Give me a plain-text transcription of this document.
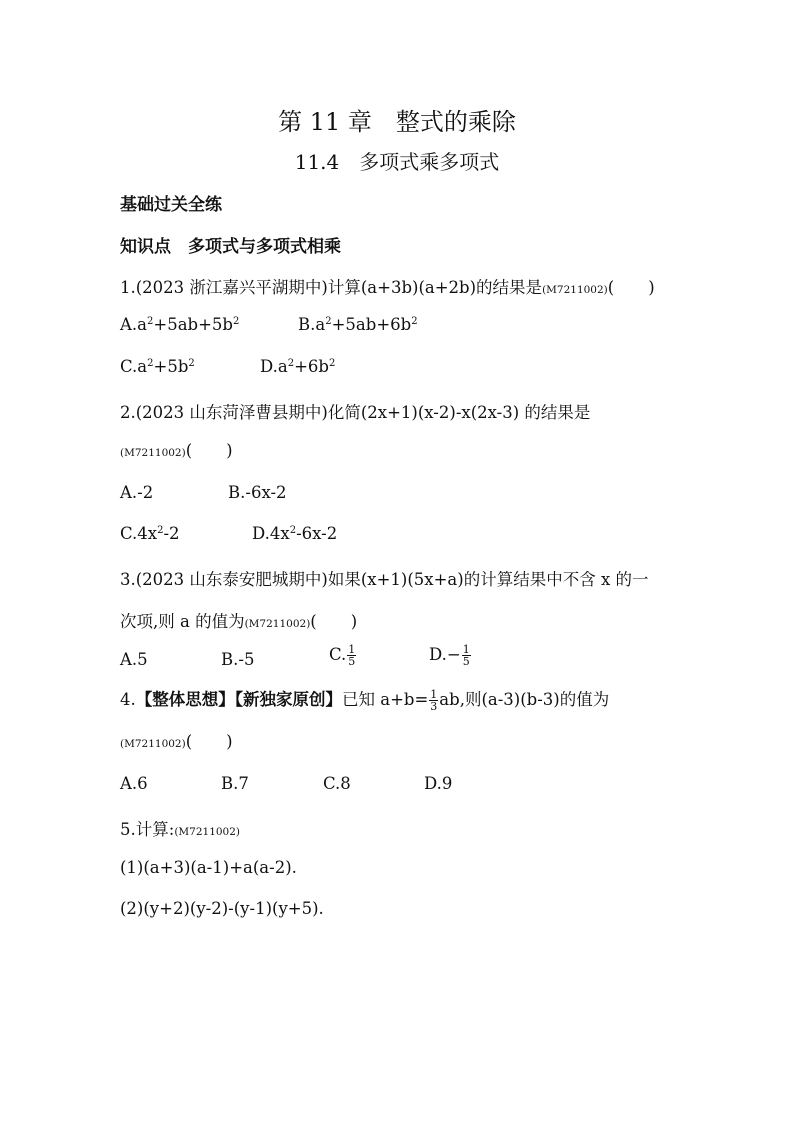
第 11 章　整式的乘除
11.4　多项式乘多项式
基础过关全练
知识点　多项式与多项式相乘
1.(2023 浙江嘉兴平湖期中)计算(a+3b)(a+2b)的结果是(M7211002)( )
$A.a^2+5ab+5b^2$	$B.a^2+5ab+6b^2$
$C.a^2+5b^2$	$D.a^2+6b^2$
2.(2023 山东菏泽曹县期中)化简(2x+1)(x-2)-x(2x-3) 的结果是
(M7211002)( )
A.-2	B.-6x-2
$C.4x^2-2$	$D.4x^2-6x-2$
3.(2023 山东泰安肥城期中)如果(x+1)(5x+a)的计算结果中不含 x 的一
次项,则 a 的值为(M7211002)( )
A.5	B.-5	C. $\frac{1}{5}$	$D.- \frac{1}{5}$
4.【整体思想】【新独家原创】已知 $a+b= \frac{1}{3}$ ab,则(a-3)(b-3)的值为
(M7211002)( )
A.6	B.7	C.8	D.9
5.计算:(M7211002)
(1)(a+3)(a-1)+a(a-2).
(2)(y+2)(y-2)-(y-1)(y+5).
